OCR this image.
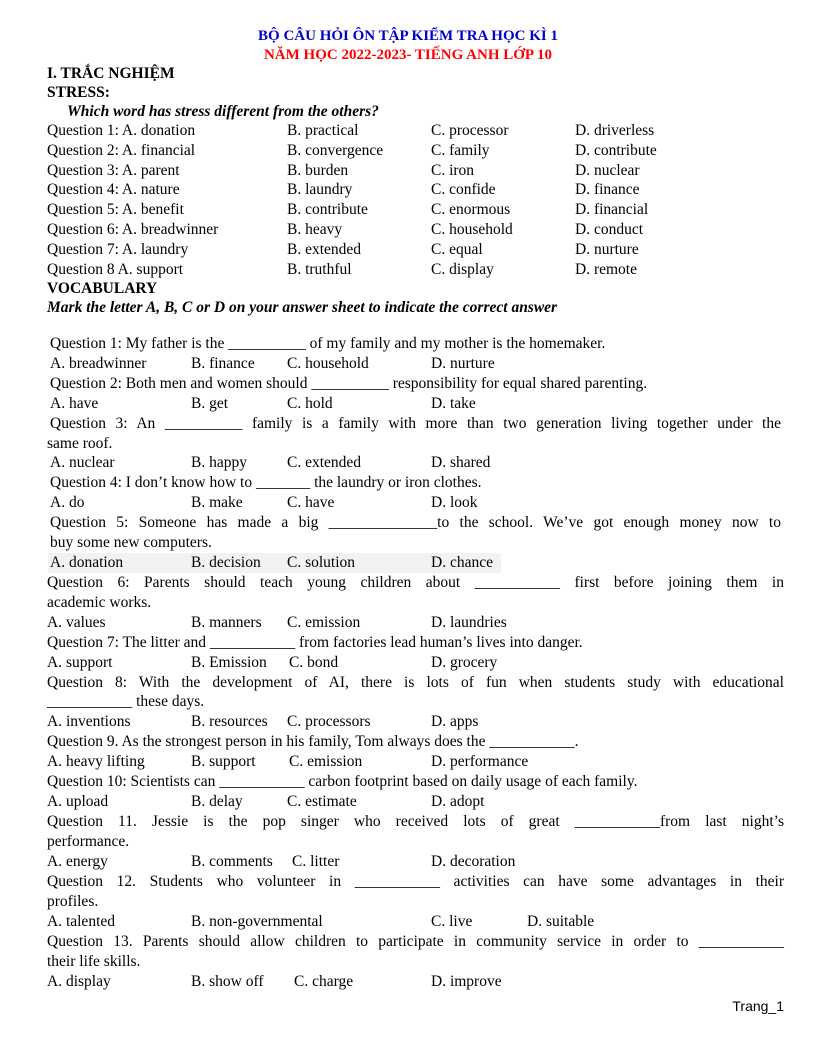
BỘ CÂU HỎI ÔN TẬP KIỂM TRA HỌC KÌ 1
NĂM HỌC 2022-2023- TIẾNG ANH LỚP 10
I. TRẮC NGHIỆM
STRESS:
Which word has stress different from the others?
Question 1: A. donation	B. practical	C. processor	D. driverless
Question 2: A. financial	B. convergence	C. family	D. contribute
Question 3: A. parent	B. burden	C. iron	D. nuclear
Question 4: A. nature	B. laundry	C. confide	D. finance
Question 5: A. benefit	B. contribute	C. enormous	D. financial
Question 6: A. breadwinner	B. heavy	C. household	D. conduct
Question 7: A. laundry	B. extended	C. equal	D. nurture
Question 8 A. support	B. truthful	C. display	D. remote
VOCABULARY
Mark the letter A, B, C or D on your answer sheet to indicate the correct answer
Question 1: My father is the __________ of my family and my mother is the homemaker.
A. breadwinner	B. finance C. household	D. nurture
Question 2: Both men and women should __________ responsibility for equal shared parenting.
A. have	B. get	C. hold	D. take
Question 3: An __________ family is a family with more than two generation living together under the
same roof.
A. nuclear	B. happy	C. extended	D. shared
Question 4: I don’t know how to _______ the laundry or iron clothes.
A. do	B. make	C. have	D. look
Question 5: Someone has made a big ______________to the school. We’ve got enough money now to
buy some new computers.
A. donation	B. decision C. solution	D. chance
Question 6: Parents should teach young children about ___________ first before joining them in
academic works.
A. values	B. manners C. emission	D. laundries
Question 7: The litter and ___________ from factories lead human’s lives into danger.
A. support	B. Emission C. bond	D. grocery
Question 8: With the development of AI, there is lots of fun when students study with educational
___________ these days.
A. inventions	B. resources C. processors	D. apps
Question 9. As the strongest person in his family, Tom always does the ___________.
A. heavy lifting	B. support C. emission	D. performance
Question 10: Scientists can ___________ carbon footprint based on daily usage of each family.
A. upload	B. delay	C. estimate	D. adopt
Question 11. Jessie is the pop singer who received lots of great ___________from last night’s
performance.
A. energy	B. comments C. litter	D. decoration
Question 12. Students who volunteer in ___________ activities can have some advantages in their
profiles.
A. talented	B. non-governmental	C. live	D. suitable
Question 13. Parents should allow children to participate in community service in order to ___________
their life skills.
A. display	B. show off C. charge	D. improve
Trang_1
